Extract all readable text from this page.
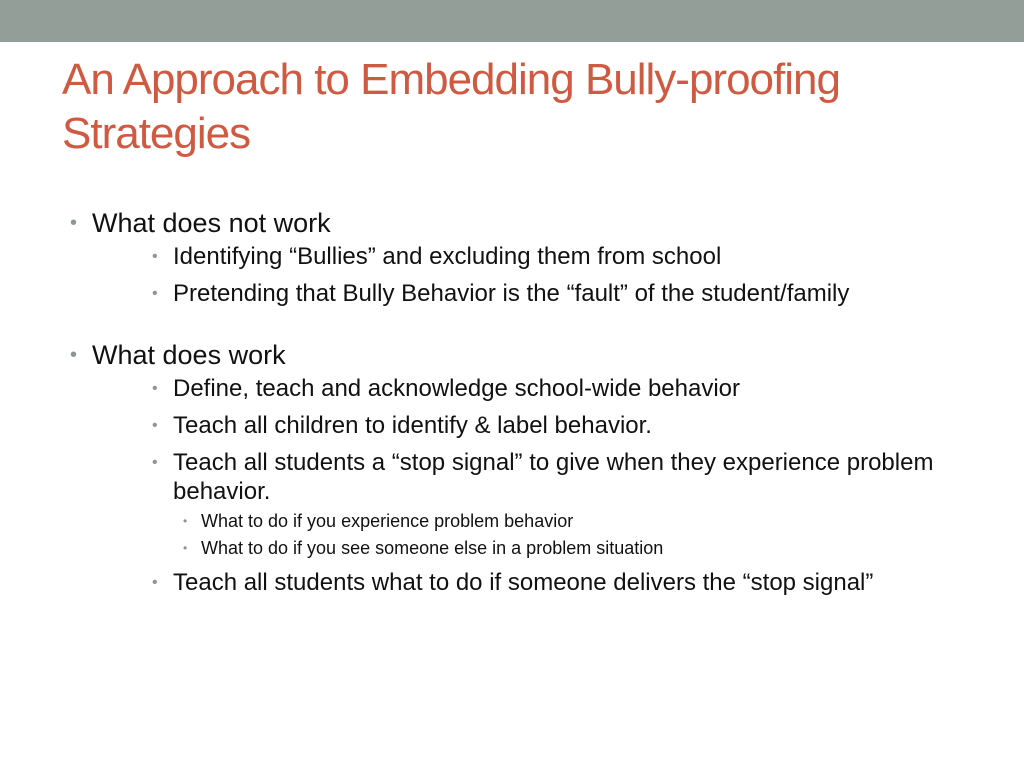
An Approach to Embedding Bully-proofing Strategies
• What does not work
• Identifying “Bullies” and excluding them from school
• Pretending that Bully Behavior is the “fault” of the student/family
• What does work
• Define, teach and acknowledge school-wide behavior
• Teach all children to identify & label behavior.
• Teach all students a “stop signal” to give when they experience problem behavior.
• What to do if you experience problem behavior
• What to do if you see someone else in a problem situation
• Teach all students what to do if someone delivers the “stop signal”
